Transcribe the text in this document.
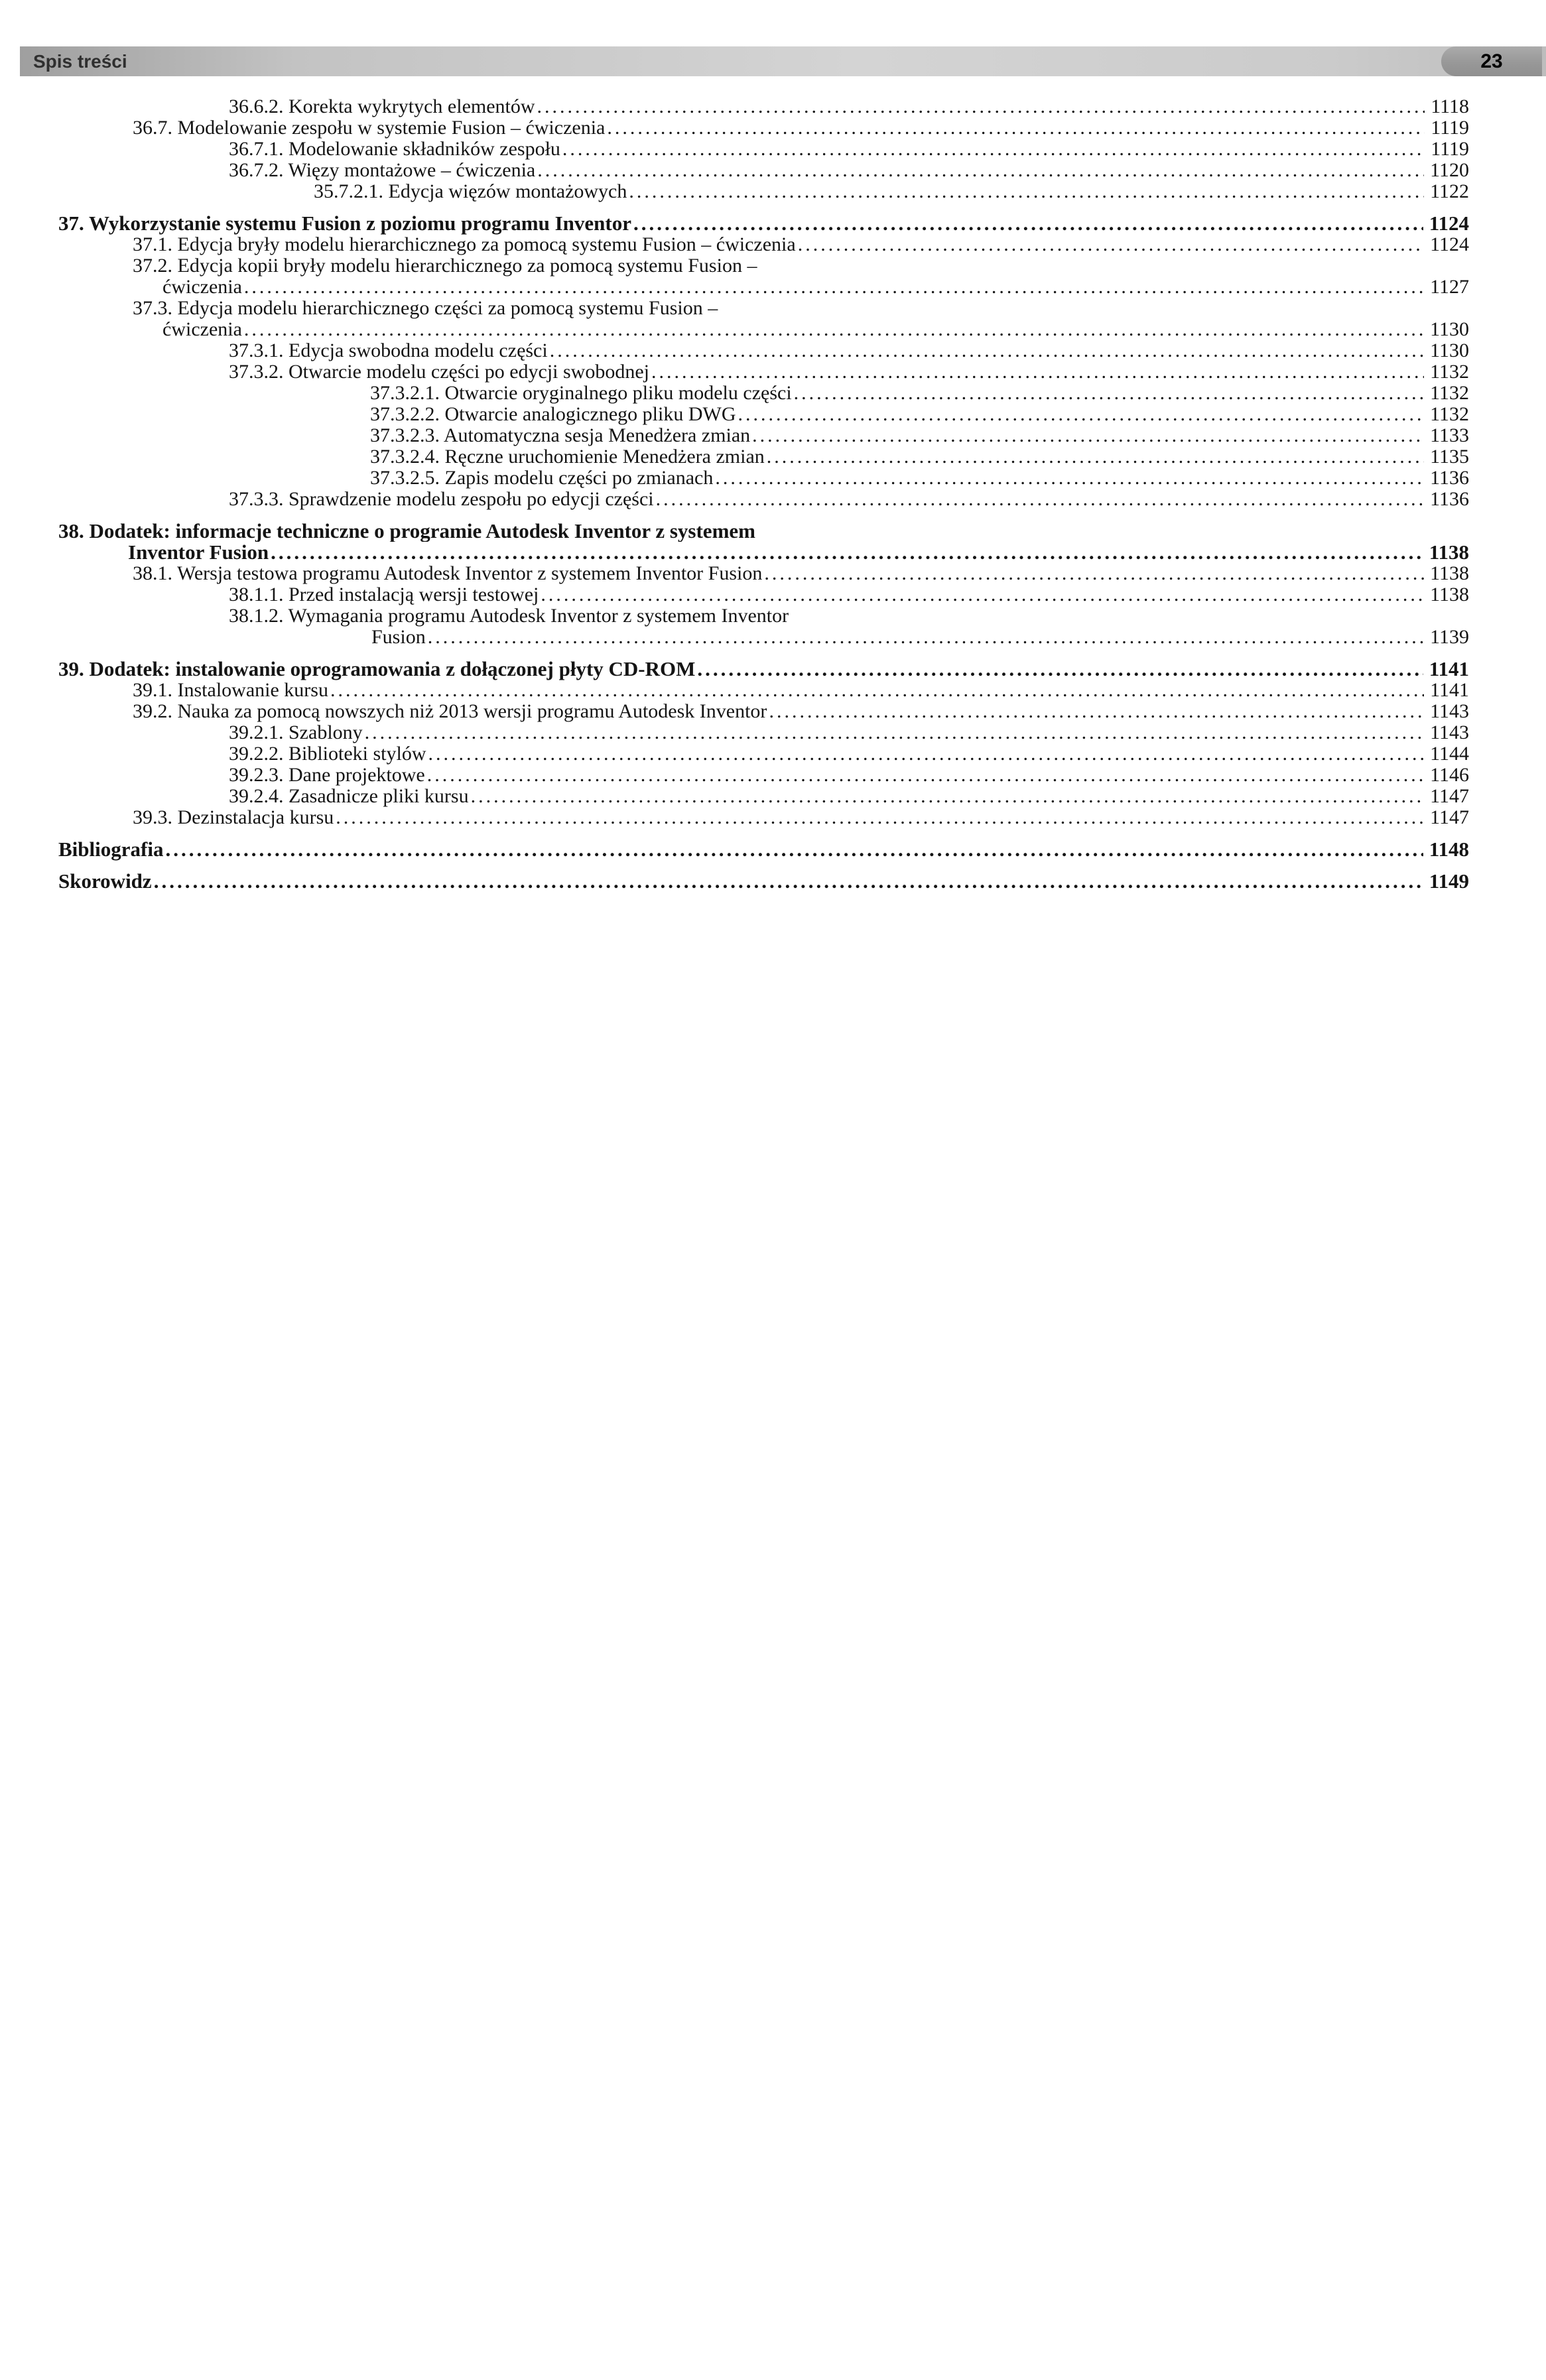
Spis treści	23
36.6.2. Korekta wykrytych elementów .....	1118
36.7. Modelowanie zespołu w systemie Fusion – ćwiczenia .....	1119
36.7.1. Modelowanie składników zespołu .....	1119
36.7.2. Więzy montażowe – ćwiczenia .....	1120
35.7.2.1. Edycja więzów montażowych .....	1122
37. Wykorzystanie systemu Fusion z poziomu programu Inventor .....	1124
37.1. Edycja bryły modelu hierarchicznego za pomocą systemu Fusion – ćwiczenia .....	1124
37.2. Edycja kopii bryły modelu hierarchicznego za pomocą systemu Fusion –
ćwiczenia .....	1127
37.3. Edycja modelu hierarchicznego części za pomocą systemu Fusion –
ćwiczenia .....	1130
37.3.1. Edycja swobodna modelu części .....	1130
37.3.2. Otwarcie modelu części po edycji swobodnej .....	1132
37.3.2.1. Otwarcie oryginalnego pliku modelu części .....	1132
37.3.2.2. Otwarcie analogicznego pliku DWG .....	1132
37.3.2.3. Automatyczna sesja Menedżera zmian .....	1133
37.3.2.4. Ręczne uruchomienie Menedżera zmian .....	1135
37.3.2.5. Zapis modelu części po zmianach .....	1136
37.3.3. Sprawdzenie modelu zespołu po edycji części .....	1136
38. Dodatek: informacje techniczne o programie Autodesk Inventor z systemem
Inventor Fusion .....	1138
38.1. Wersja testowa programu Autodesk Inventor z systemem Inventor Fusion .....	1138
38.1.1. Przed instalacją wersji testowej .....	1138
38.1.2. Wymagania programu Autodesk Inventor z systemem Inventor
Fusion .....	1139
39. Dodatek: instalowanie oprogramowania z dołączonej płyty CD-ROM .....	1141
39.1. Instalowanie kursu .....	1141
39.2. Nauka za pomocą nowszych niż 2013 wersji programu Autodesk Inventor .....	1143
39.2.1. Szablony .....	1143
39.2.2. Biblioteki stylów .....	1144
39.2.3. Dane projektowe .....	1146
39.2.4. Zasadnicze pliki kursu .....	1147
39.3. Dezinstalacja kursu .....	1147
Bibliografia .....	1148
Skorowidz .....	1149
